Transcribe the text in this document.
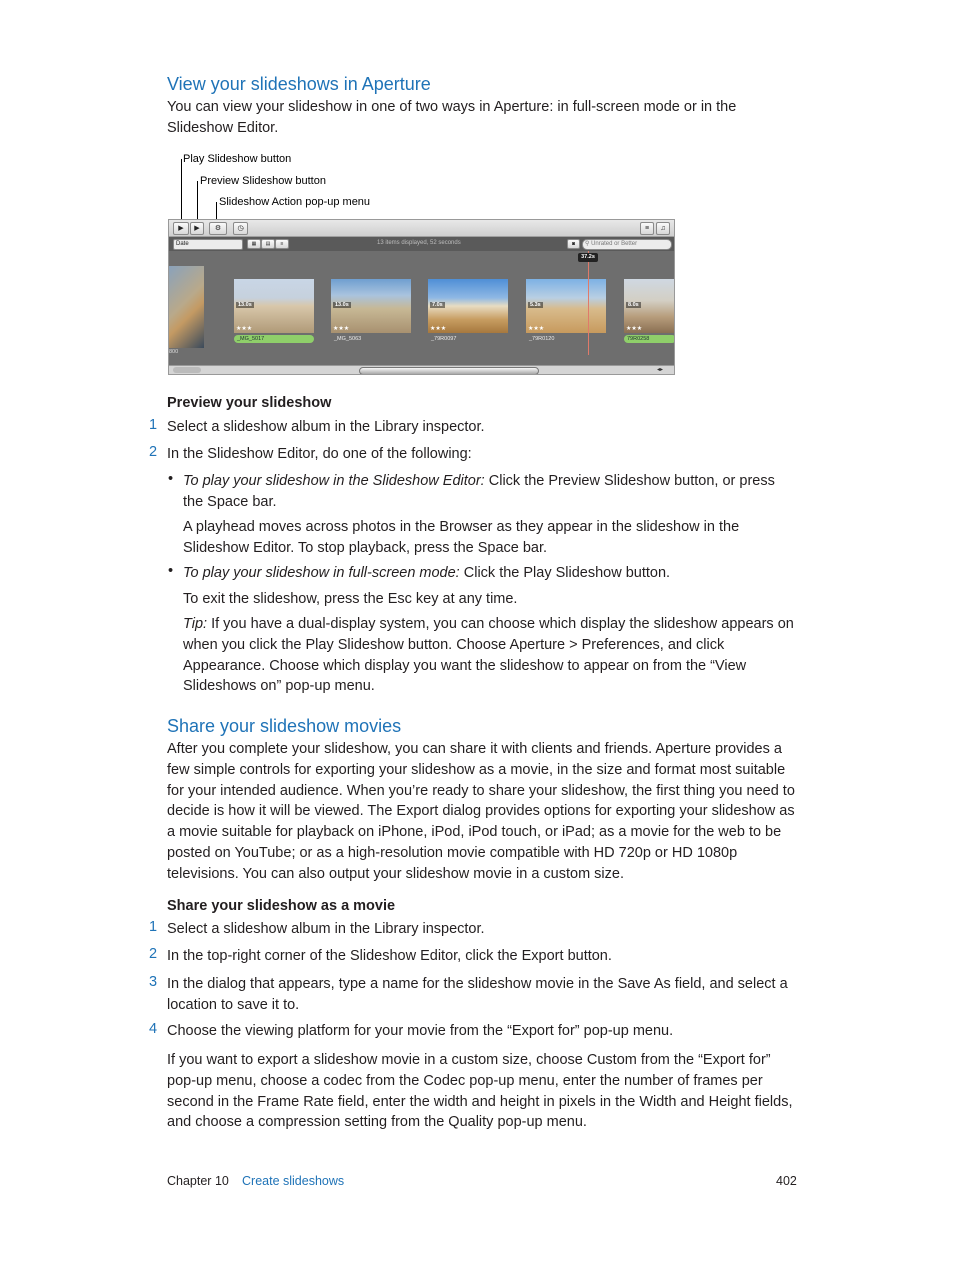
View your slideshows in Aperture

You can view your slideshow in one of two ways in Aperture: in full-screen mode or in the Slideshow Editor.

Play Slideshow button
Preview Slideshow button
Slideshow Action pop-up menu
▶	▶	⚙	◷	≡	♫
Date	▦	▤	≡	13 items displayed, 52 seconds	◙	⚲ Unrated or Better
800
13.0s
★★★
_MG_5017
13.0s
★★★
_MG_5063
7.0s
★★★
_79R0097
5.3s
★★★
_79R0120
8.0s
★★★
79R0258
37.2s
◂▸
Preview your slideshow
1 Select a slideshow album in the Library inspector.
2 In the Slideshow Editor, do one of the following:
• To play your slideshow in the Slideshow Editor: Click the Preview Slideshow button, or press the Space bar.

A playhead moves across photos in the Browser as they appear in the slideshow in the Slideshow Editor. To stop playback, press the Space bar.

• To play your slideshow in full-screen mode: Click the Play Slideshow button.

To exit the slideshow, press the Esc key at any time.

Tip: If you have a dual-display system, you can choose which display the slideshow appears on when you click the Play Slideshow button. Choose Aperture > Preferences, and click Appearance. Choose which display you want the slideshow to appear on from the “View Slideshows on” pop-up menu.

Share your slideshow movies

After you complete your slideshow, you can share it with clients and friends. Aperture provides a few simple controls for exporting your slideshow as a movie, in the size and format most suitable for your intended audience. When you’re ready to share your slideshow, the first thing you need to decide is how it will be viewed. The Export dialog provides options for exporting your slideshow as a movie suitable for playback on iPhone, iPod, iPod touch, or iPad; as a movie for the web to be posted on YouTube; or as a high-resolution movie compatible with HD 720p or HD 1080p televisions. You can also output your slideshow movie in a custom size.

Share your slideshow as a movie
1 Select a slideshow album in the Library inspector.
2 In the top-right corner of the Slideshow Editor, click the Export button.
3 In the dialog that appears, type a name for the slideshow movie in the Save As field, and select a location to save it to.

4 Choose the viewing platform for your movie from the “Export for” pop-up menu.

If you want to export a slideshow movie in a custom size, choose Custom from the “Export for” pop-up menu, choose a codec from the Codec pop-up menu, enter the number of frames per second in the Frame Rate field, enter the width and height in pixels in the Width and Height fields, and choose a compression setting from the Quality pop-up menu.

Chapter 10 Create slideshows	402
